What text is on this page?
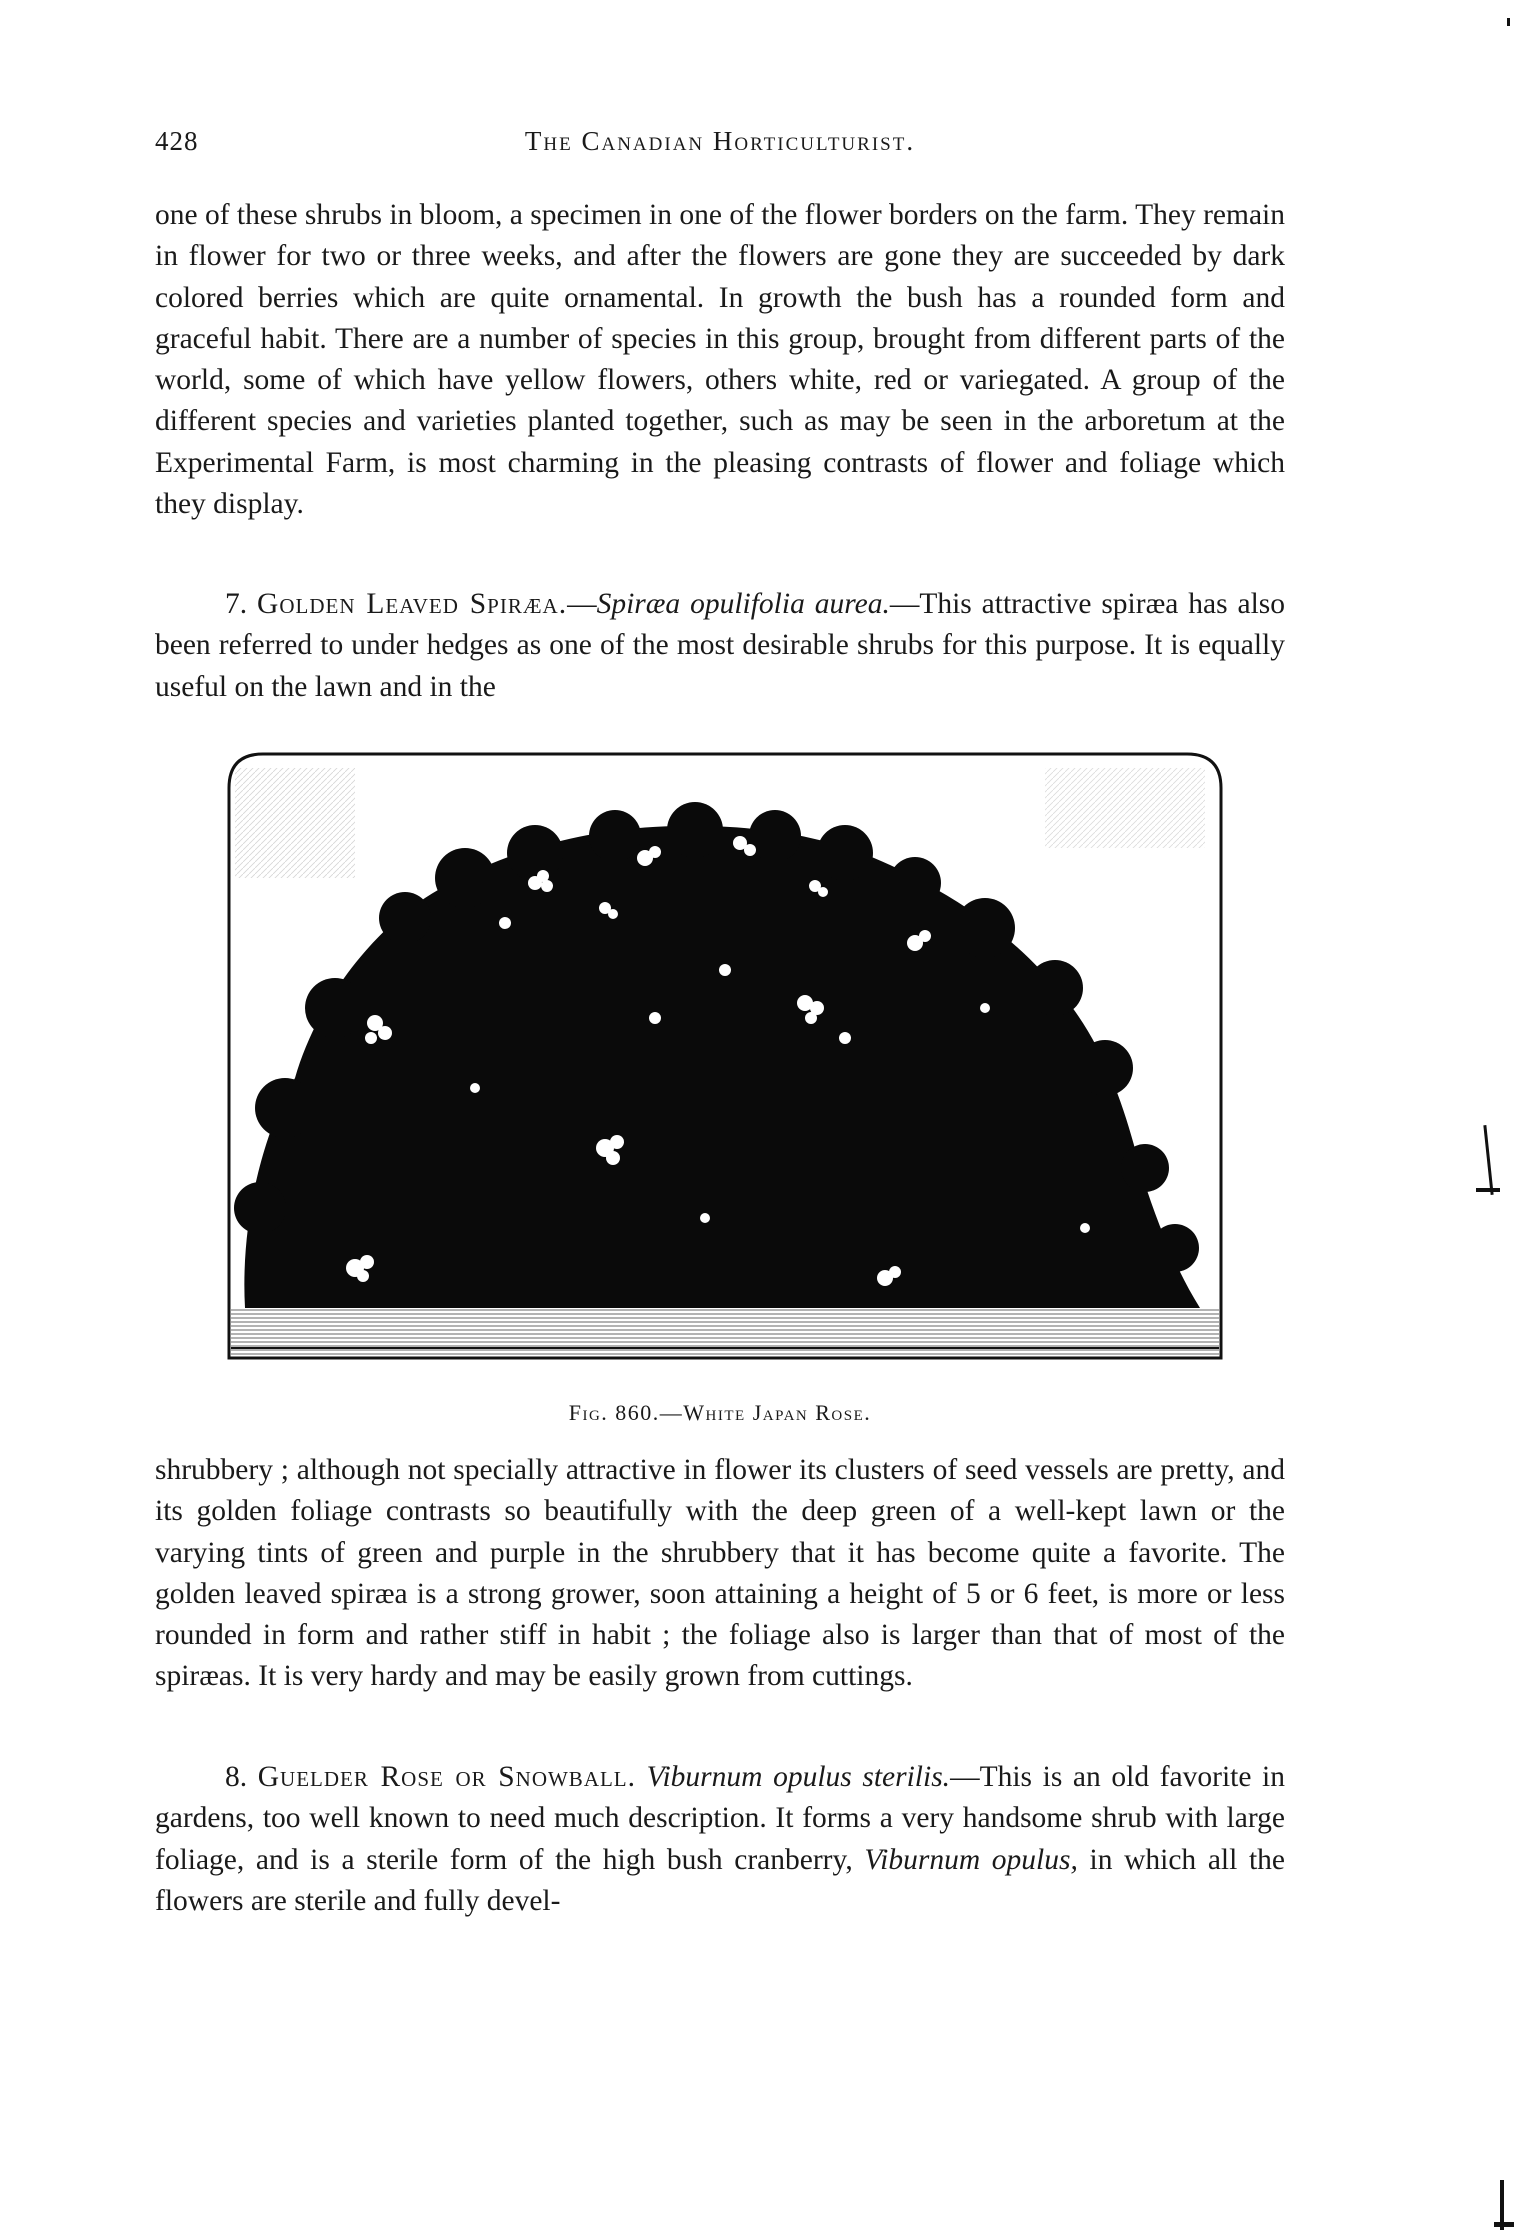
428	The Canadian Horticulturist.

one of these shrubs in bloom, a specimen in one of the flower borders on the farm. They remain in flower for two or three weeks, and after the flowers are gone they are succeeded by dark colored berries which are quite ornamental. In growth the bush has a rounded form and graceful habit. There are a number of species in this group, brought from different parts of the world, some of which have yellow flowers, others white, red or variegated. A group of the different species and varieties planted together, such as may be seen in the arboretum at the Experimental Farm, is most charming in the pleasing contrasts of flower and foliage which they display.

7. Golden Leaved Spiræa.—Spiræa opulifolia aurea.—This attractive spiræa has also been referred to under hedges as one of the most desirable shrubs for this purpose. It is equally useful on the lawn and in the

Fig. 860.—White Japan Rose.

shrubbery ; although not specially attractive in flower its clusters of seed vessels are pretty, and its golden foliage contrasts so beautifully with the deep green of a well-kept lawn or the varying tints of green and purple in the shrubbery that it has become quite a favorite. The golden leaved spiræa is a strong grower, soon attaining a height of 5 or 6 feet, is more or less rounded in form and rather stiff in habit ; the foliage also is larger than that of most of the spiræas. It is very hardy and may be easily grown from cuttings.

8. Guelder Rose or Snowball. Viburnum opulus sterilis.—This is an old favorite in gardens, too well known to need much description. It forms a very handsome shrub with large foliage, and is a sterile form of the high bush cranberry, Viburnum opulus, in which all the flowers are sterile and fully devel-
